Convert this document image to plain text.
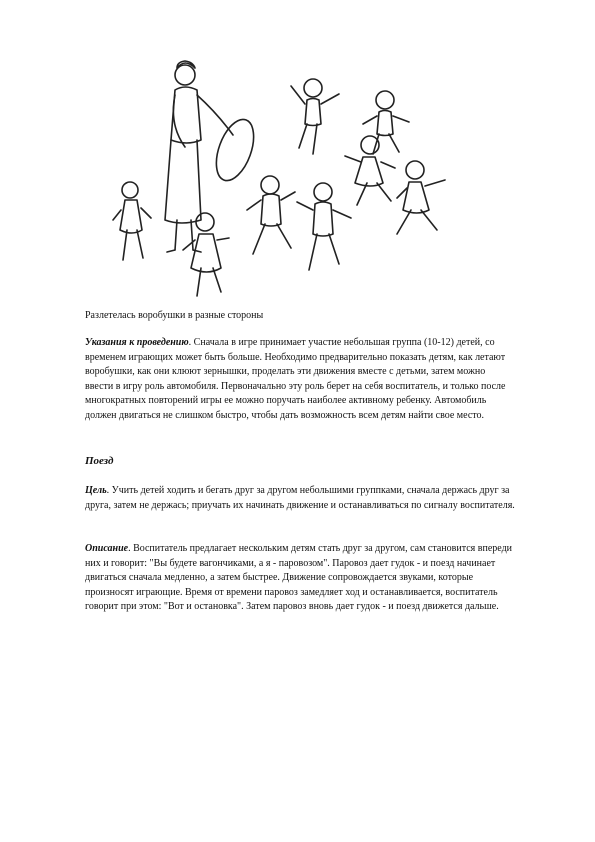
Разлетелась воробушки в разные стороны

Указания к проведению. Сначала в игре принимает участие небольшая группа (10-12) детей, со временем играющих может быть больше. Необходимо предварительно показать детям, как летают воробушки, как они клюют зернышки, проделать эти движения вместе с детьми, затем можно ввести в игру роль автомобиля. Первоначально эту роль берет на себя воспитатель, и только после многократных повторений игры ее можно поручать наиболее активному ребенку. Автомобиль должен двигаться не слишком быстро, чтобы дать возможность всем детям найти свое место.

Поезд

Цель. Учить детей ходить и бегать друг за другом небольшими группками, сначала держась друг за друга, затем не держась; приучать их начинать движение и останавливаться по сигналу воспитателя.

Описание. Воспитатель предлагает нескольким детям стать друг за другом, сам становится впереди них и говорит: "Вы будете вагончиками, а я - паровозом". Паровоз дает гудок - и поезд начинает двигаться сначала медленно, а затем быстрее. Движение сопровождается звуками, которые произносят играющие. Время от времени паровоз замедляет ход и останавливается, воспитатель говорит при этом: "Вот и остановка". Затем паровоз вновь дает гудок - и поезд движется дальше.
